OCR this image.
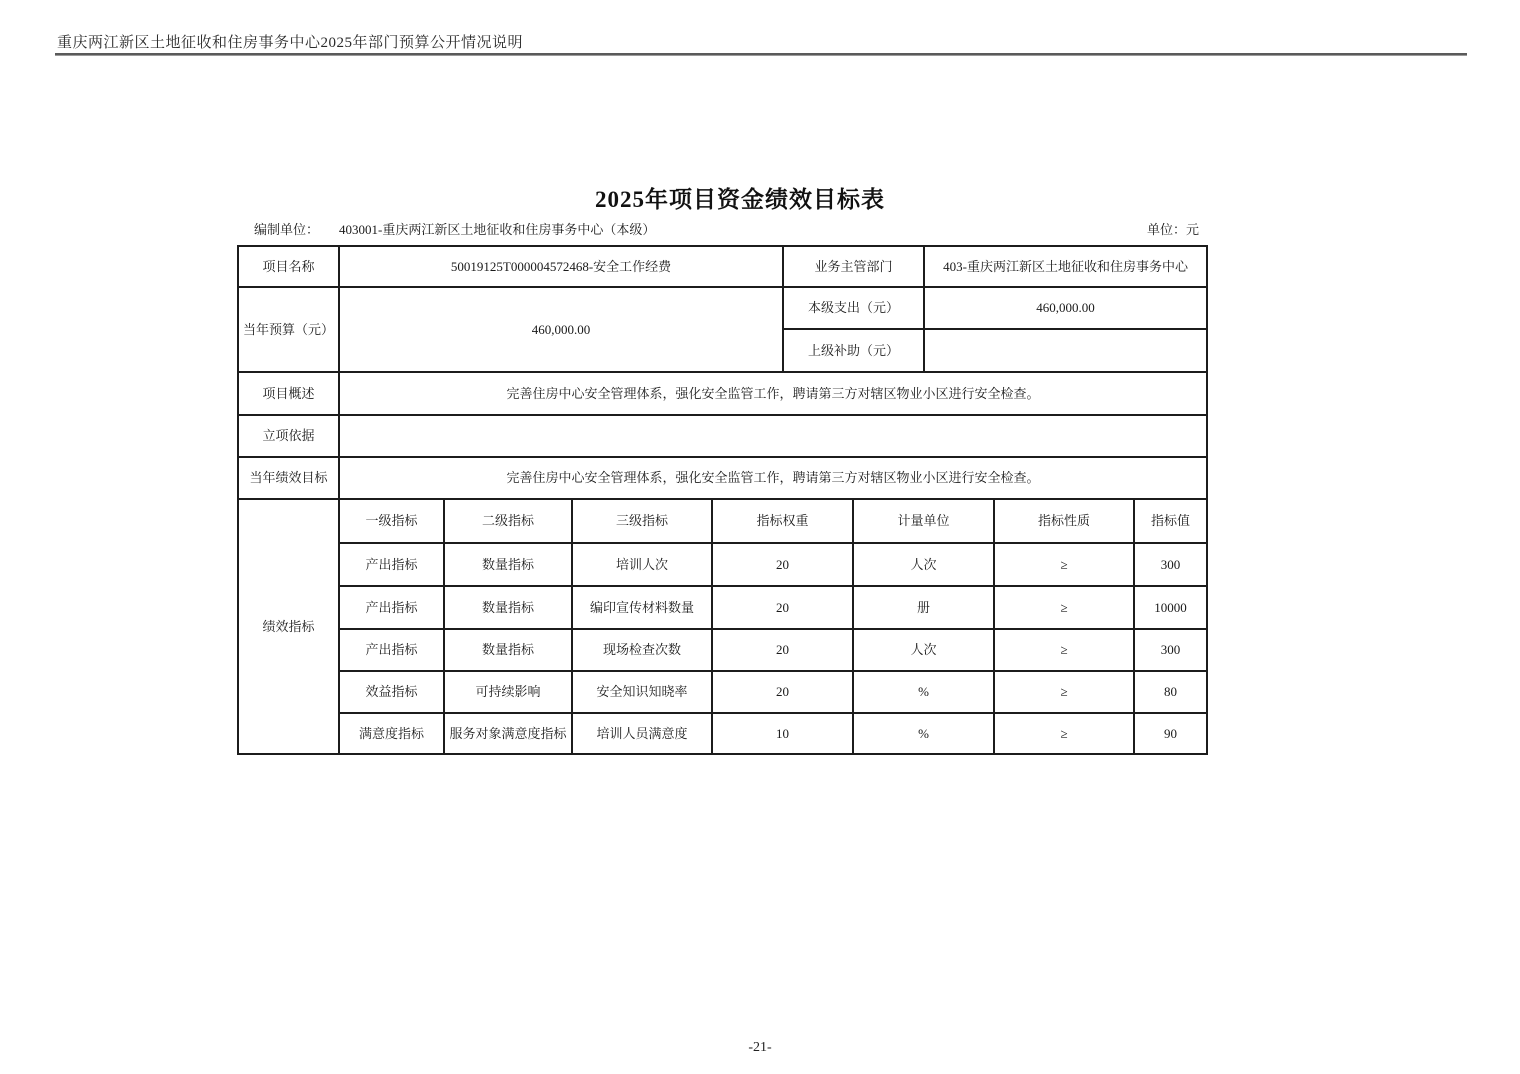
重庆两江新区土地征收和住房事务中心2025年部门预算公开情况说明
2025年项目资金绩效目标表
编制单位： 403001-重庆两江新区土地征收和住房事务中心（本级）	单位：元
项目名称	50019125T000004572468-安全工作经费				业务主管部门		403-重庆两江新区土地征收和住房事务中心		
当年预算（元）	460,000.00				本级支出（元）		460,000.00		
					上级补助（元）				
项目概述	完善住房中心安全管理体系，强化安全监管工作，聘请第三方对辖区物业小区进行安全检查。								
立项依据									
当年绩效目标	完善住房中心安全管理体系，强化安全监管工作，聘请第三方对辖区物业小区进行安全检查。								
绩效指标	一级指标	二级指标	三级指标	指标权重		计量单位		指标性质	指标值
	产出指标	数量指标	培训人次	20		人次		≥	300
	产出指标	数量指标	编印宣传材料数量	20		册		≥	10000
	产出指标	数量指标	现场检查次数	20		人次		≥	300
	效益指标	可持续影响	安全知识知晓率	20		%		≥	80
	满意度指标	服务对象满意度指标	培训人员满意度	10		%		≥	90
-21-
